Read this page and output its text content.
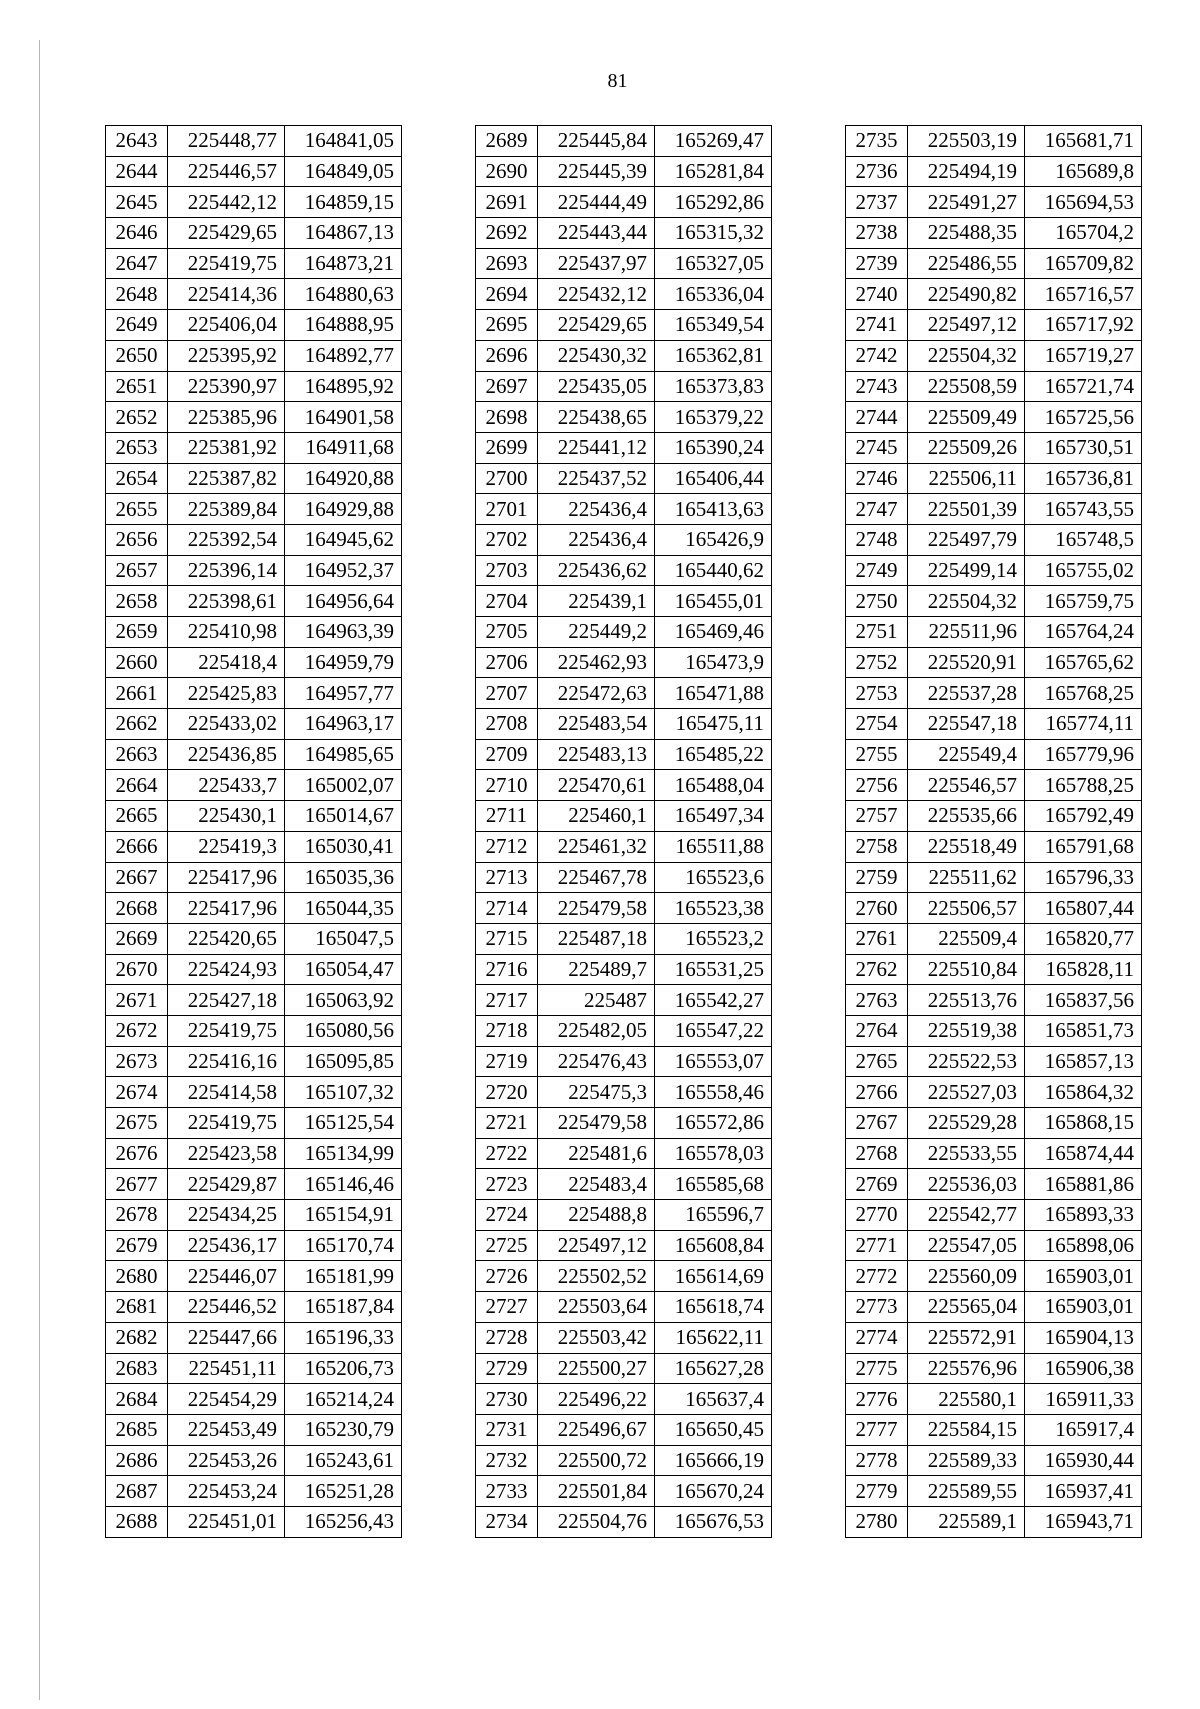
81
2643	225448,77	164841,05
2644	225446,57	164849,05
2645	225442,12	164859,15
2646	225429,65	164867,13
2647	225419,75	164873,21
2648	225414,36	164880,63
2649	225406,04	164888,95
2650	225395,92	164892,77
2651	225390,97	164895,92
2652	225385,96	164901,58
2653	225381,92	164911,68
2654	225387,82	164920,88
2655	225389,84	164929,88
2656	225392,54	164945,62
2657	225396,14	164952,37
2658	225398,61	164956,64
2659	225410,98	164963,39
2660	225418,4	164959,79
2661	225425,83	164957,77
2662	225433,02	164963,17
2663	225436,85	164985,65
2664	225433,7	165002,07
2665	225430,1	165014,67
2666	225419,3	165030,41
2667	225417,96	165035,36
2668	225417,96	165044,35
2669	225420,65	165047,5
2670	225424,93	165054,47
2671	225427,18	165063,92
2672	225419,75	165080,56
2673	225416,16	165095,85
2674	225414,58	165107,32
2675	225419,75	165125,54
2676	225423,58	165134,99
2677	225429,87	165146,46
2678	225434,25	165154,91
2679	225436,17	165170,74
2680	225446,07	165181,99
2681	225446,52	165187,84
2682	225447,66	165196,33
2683	225451,11	165206,73
2684	225454,29	165214,24
2685	225453,49	165230,79
2686	225453,26	165243,61
2687	225453,24	165251,28
2688	225451,01	165256,43
2689	225445,84	165269,47
2690	225445,39	165281,84
2691	225444,49	165292,86
2692	225443,44	165315,32
2693	225437,97	165327,05
2694	225432,12	165336,04
2695	225429,65	165349,54
2696	225430,32	165362,81
2697	225435,05	165373,83
2698	225438,65	165379,22
2699	225441,12	165390,24
2700	225437,52	165406,44
2701	225436,4	165413,63
2702	225436,4	165426,9
2703	225436,62	165440,62
2704	225439,1	165455,01
2705	225449,2	165469,46
2706	225462,93	165473,9
2707	225472,63	165471,88
2708	225483,54	165475,11
2709	225483,13	165485,22
2710	225470,61	165488,04
2711	225460,1	165497,34
2712	225461,32	165511,88
2713	225467,78	165523,6
2714	225479,58	165523,38
2715	225487,18	165523,2
2716	225489,7	165531,25
2717	225487	165542,27
2718	225482,05	165547,22
2719	225476,43	165553,07
2720	225475,3	165558,46
2721	225479,58	165572,86
2722	225481,6	165578,03
2723	225483,4	165585,68
2724	225488,8	165596,7
2725	225497,12	165608,84
2726	225502,52	165614,69
2727	225503,64	165618,74
2728	225503,42	165622,11
2729	225500,27	165627,28
2730	225496,22	165637,4
2731	225496,67	165650,45
2732	225500,72	165666,19
2733	225501,84	165670,24
2734	225504,76	165676,53
2735	225503,19	165681,71
2736	225494,19	165689,8
2737	225491,27	165694,53
2738	225488,35	165704,2
2739	225486,55	165709,82
2740	225490,82	165716,57
2741	225497,12	165717,92
2742	225504,32	165719,27
2743	225508,59	165721,74
2744	225509,49	165725,56
2745	225509,26	165730,51
2746	225506,11	165736,81
2747	225501,39	165743,55
2748	225497,79	165748,5
2749	225499,14	165755,02
2750	225504,32	165759,75
2751	225511,96	165764,24
2752	225520,91	165765,62
2753	225537,28	165768,25
2754	225547,18	165774,11
2755	225549,4	165779,96
2756	225546,57	165788,25
2757	225535,66	165792,49
2758	225518,49	165791,68
2759	225511,62	165796,33
2760	225506,57	165807,44
2761	225509,4	165820,77
2762	225510,84	165828,11
2763	225513,76	165837,56
2764	225519,38	165851,73
2765	225522,53	165857,13
2766	225527,03	165864,32
2767	225529,28	165868,15
2768	225533,55	165874,44
2769	225536,03	165881,86
2770	225542,77	165893,33
2771	225547,05	165898,06
2772	225560,09	165903,01
2773	225565,04	165903,01
2774	225572,91	165904,13
2775	225576,96	165906,38
2776	225580,1	165911,33
2777	225584,15	165917,4
2778	225589,33	165930,44
2779	225589,55	165937,41
2780	225589,1	165943,71
